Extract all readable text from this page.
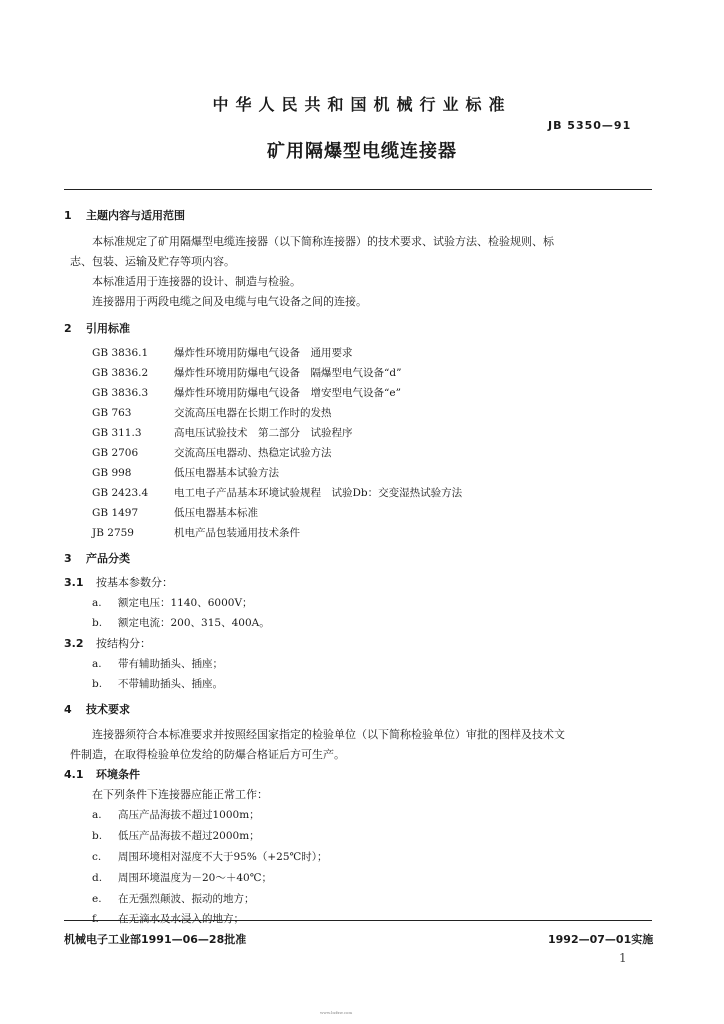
中华人民共和国机械行业标准
JB 5350—91
矿用隔爆型电缆连接器
1 主题内容与适用范围
本标准规定了矿用隔爆型电缆连接器（以下简称连接器）的技术要求、试验方法、检验规则、标
志、包装、运输及贮存等项内容。
本标准适用于连接器的设计、制造与检验。
连接器用于两段电缆之间及电缆与电气设备之间的连接。
2 引用标准
GB 3836.1 爆炸性环境用防爆电气设备　通用要求
GB 3836.2 爆炸性环境用防爆电气设备　隔爆型电气设备“d”
GB 3836.3 爆炸性环境用防爆电气设备　增安型电气设备“e”
GB 763	交流高压电器在长期工作时的发热
GB 311.3	高电压试验技术　第二部分　试验程序
GB 2706	交流高压电器动、热稳定试验方法
GB 998	低压电器基本试验方法
GB 2423.4 电工电子产品基本环境试验规程　试验Db：交变湿热试验方法
GB 1497	低压电器基本标准
JB 2759	机电产品包装通用技术条件
3 产品分类
3.1 按基本参数分：
a. 额定电压：1140、6000V；
b. 额定电流：200、315、400A。
3.2 按结构分：
a. 带有辅助插头、插座；
b. 不带辅助插头、插座。
4 技术要求
连接器须符合本标准要求并按照经国家指定的检验单位（以下简称检验单位）审批的图样及技术文
件制造，在取得检验单位发给的防爆合格证后方可生产。
4.1 环境条件
在下列条件下连接器应能正常工作：
a. 高压产品海拔不超过1000m；
b. 低压产品海拔不超过2000m；
c. 周围环境相对湿度不大于95%（+25℃时）；
d. 周围环境温度为－20～＋40℃；
e. 在无强烈颠波、振动的地方；
f. 在无滴水及水浸入的地方；
机械电子工业部1991—06—28批准	1992—07—01实施
1
www.bzfxw.com
